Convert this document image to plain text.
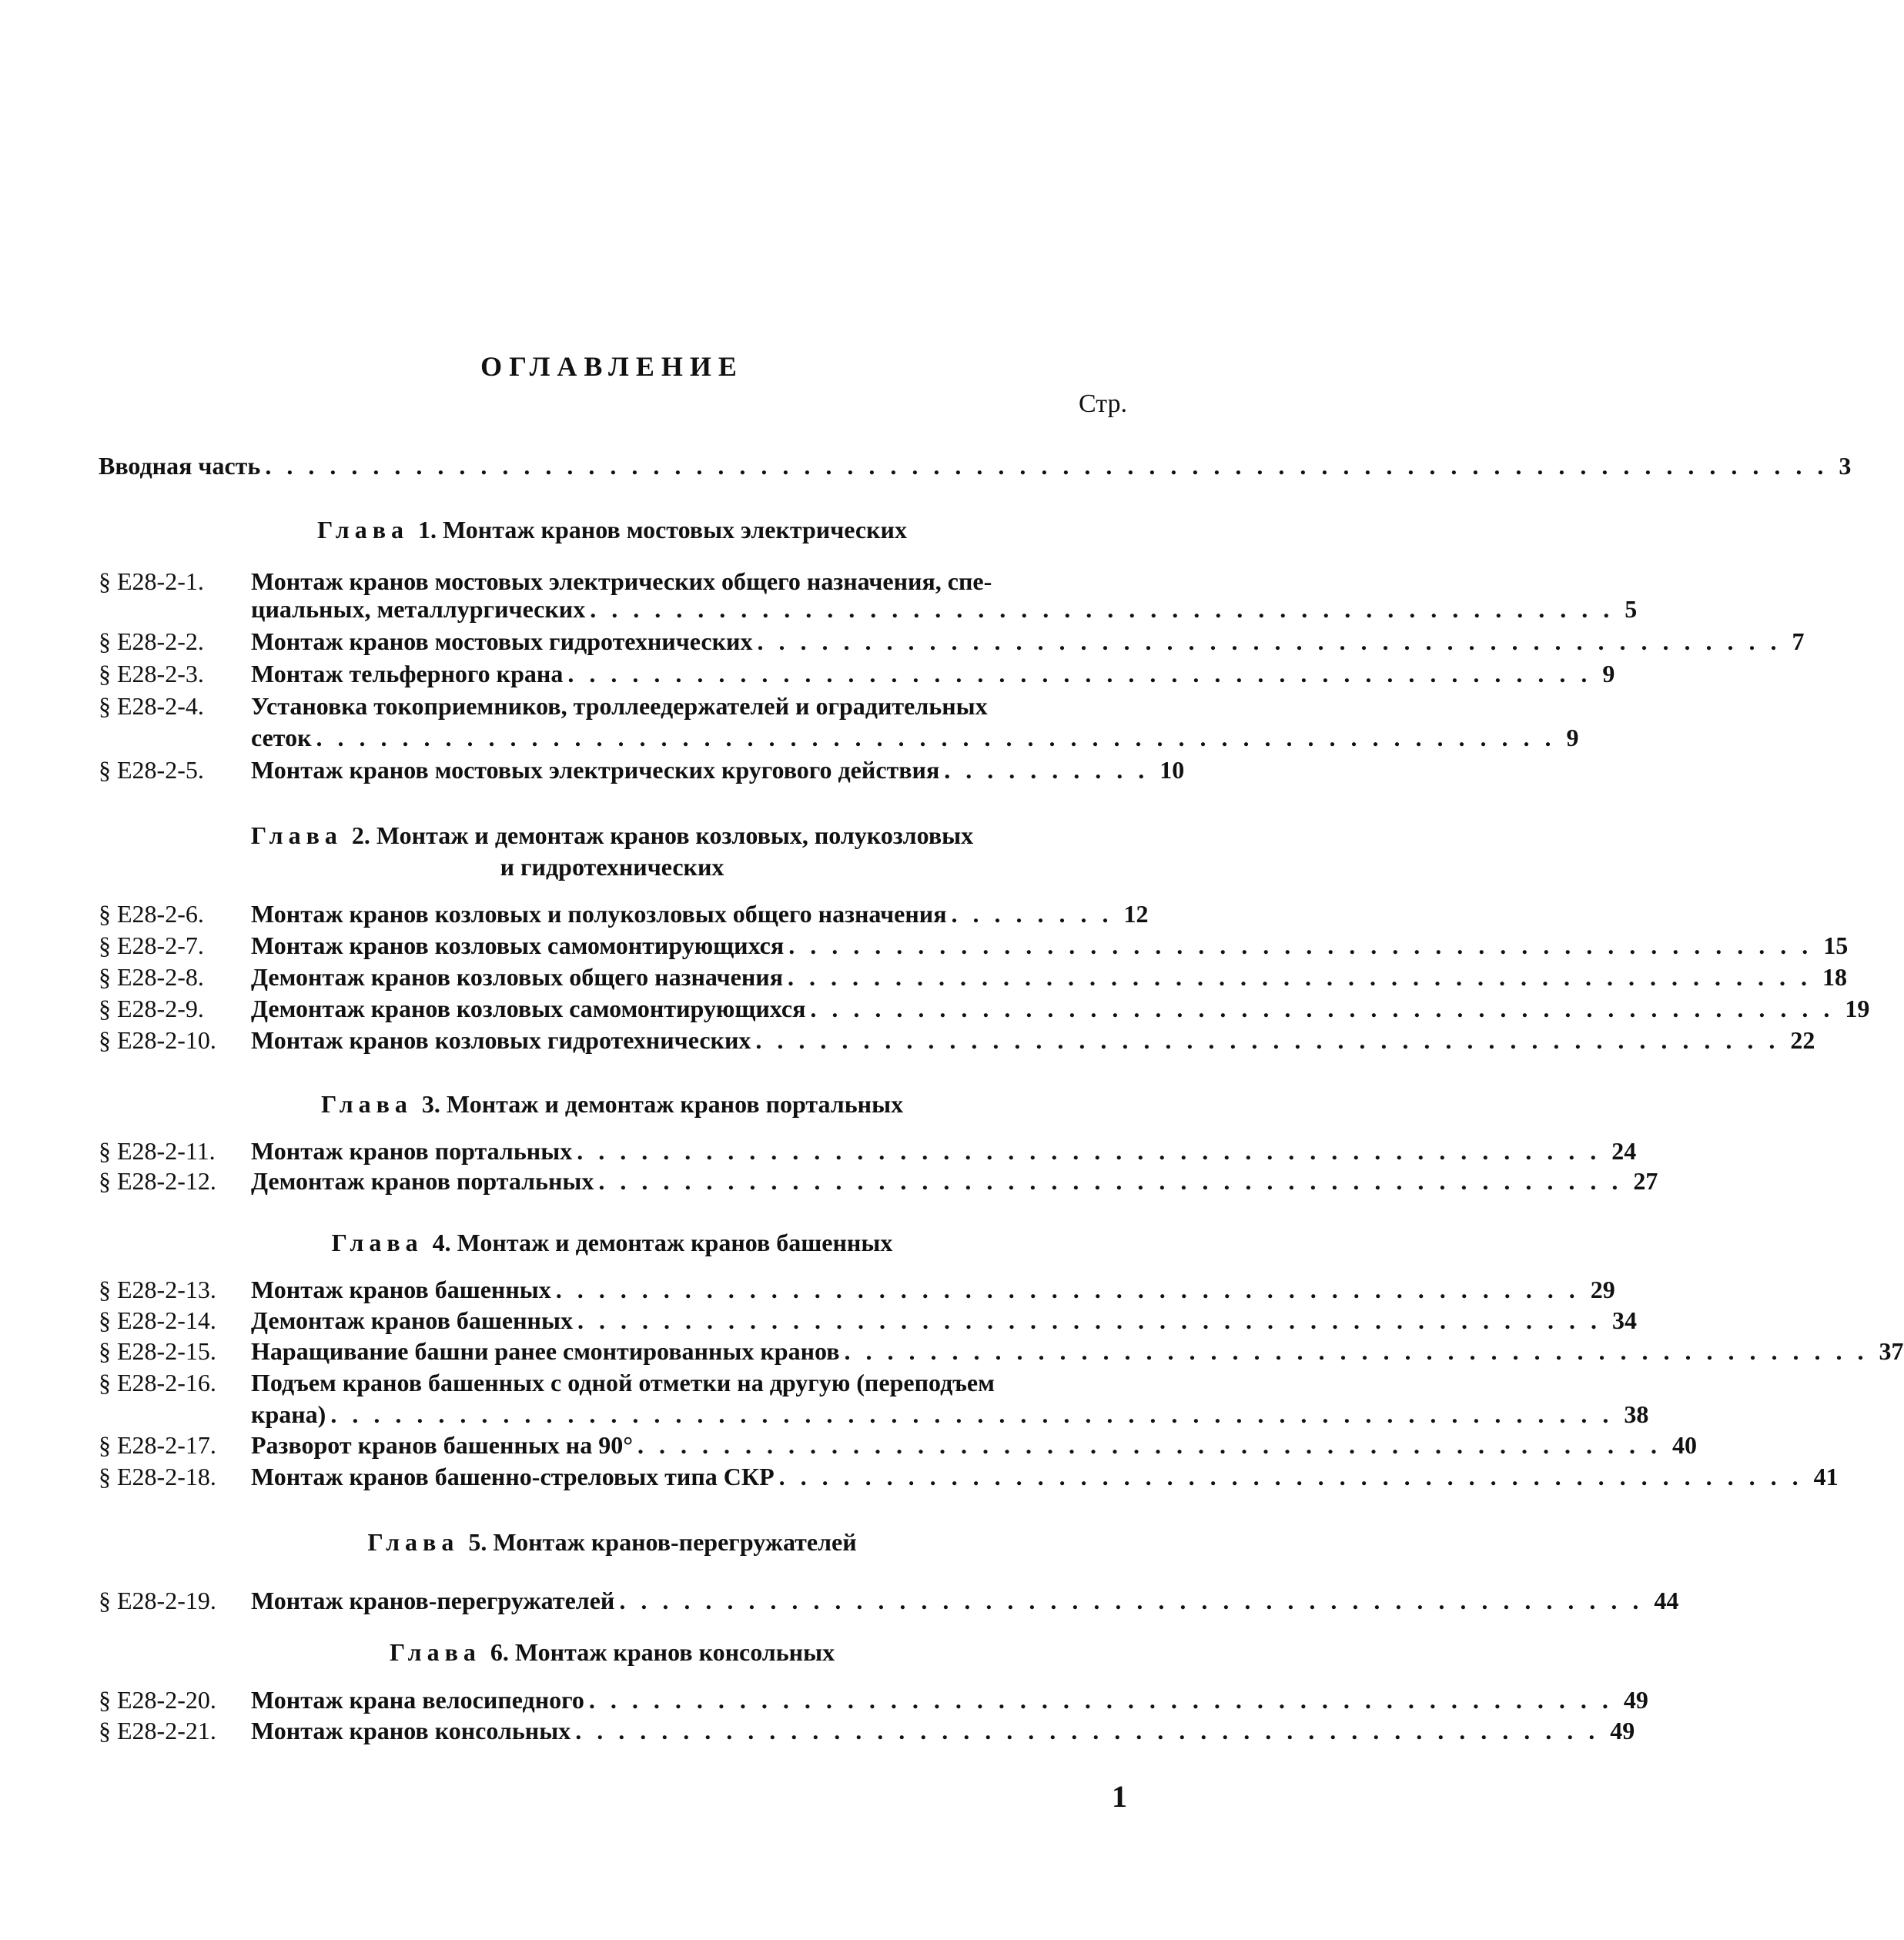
ОГЛАВЛЕНИЕ
Стр.
Вводная часть . . . . . . . . . . . . . . . . . . . . . . . . . . . . . . . . . . . . . . . . . . . . . . . . . . . . . . . . . . . . . . . . . . . . . . . . . 3
Глава 1. Монтаж кранов мостовых электрических
§ Е28-2-1.	Монтаж кранов мостовых электрических общего назначения, спе-
циальных, металлургических . . . . . . . . . . . . . . . . . . . . . . . . . . . . . . . . . . . . . . . . . . . . . . . . 5
§ Е28-2-2.	Монтаж кранов мостовых гидротехнических . . . . . . . . . . . . . . . . . . . . . . . . . . . . . . . . . . . . . . . . . . . . . . . . 7
§ Е28-2-3.	Монтаж тельферного крана . . . . . . . . . . . . . . . . . . . . . . . . . . . . . . . . . . . . . . . . . . . . . . . . 9
§ Е28-2-4.	Установка токоприемников, троллеедержателей и оградительных
сеток . . . . . . . . . . . . . . . . . . . . . . . . . . . . . . . . . . . . . . . . . . . . . . . . . . . . . . . . . . 9
§ Е28-2-5.	Монтаж кранов мостовых электрических кругового действия . . . . . . . . . . 10
Глава 2. Монтаж и демонтаж кранов козловых, полукозловых
и гидротехнических
§ Е28-2-6.	Монтаж кранов козловых и полукозловых общего назначения . . . . . . . . 12
§ Е28-2-7.	Монтаж кранов козловых самомонтирующихся . . . . . . . . . . . . . . . . . . . . . . . . . . . . . . . . . . . . . . . . . . . . . . . . 15
§ Е28-2-8.	Демонтаж кранов козловых общего назначения . . . . . . . . . . . . . . . . . . . . . . . . . . . . . . . . . . . . . . . . . . . . . . . . 18
§ Е28-2-9.	Демонтаж кранов козловых самомонтирующихся . . . . . . . . . . . . . . . . . . . . . . . . . . . . . . . . . . . . . . . . . . . . . . . . 19
§ Е28-2-10.	Монтаж кранов козловых гидротехнических . . . . . . . . . . . . . . . . . . . . . . . . . . . . . . . . . . . . . . . . . . . . . . . . 22
Глава 3. Монтаж и демонтаж кранов портальных
§ Е28-2-11.	Монтаж кранов портальных . . . . . . . . . . . . . . . . . . . . . . . . . . . . . . . . . . . . . . . . . . . . . . . . 24
§ Е28-2-12.	Демонтаж кранов портальных . . . . . . . . . . . . . . . . . . . . . . . . . . . . . . . . . . . . . . . . . . . . . . . . 27
Глава 4. Монтаж и демонтаж кранов башенных
§ Е28-2-13.	Монтаж кранов башенных . . . . . . . . . . . . . . . . . . . . . . . . . . . . . . . . . . . . . . . . . . . . . . . . 29
§ Е28-2-14.	Демонтаж кранов башенных . . . . . . . . . . . . . . . . . . . . . . . . . . . . . . . . . . . . . . . . . . . . . . . . 34
§ Е28-2-15.	Наращивание башни ранее смонтированных кранов . . . . . . . . . . . . . . . . . . . . . . . . . . . . . . . . . . . . . . . . . . . . . . . . 37
§ Е28-2-16.	Подъем кранов башенных с одной отметки на другую (переподъем
крана) . . . . . . . . . . . . . . . . . . . . . . . . . . . . . . . . . . . . . . . . . . . . . . . . . . . . . . . . . . . . 38
§ Е28-2-17.	Разворот кранов башенных на 90° . . . . . . . . . . . . . . . . . . . . . . . . . . . . . . . . . . . . . . . . . . . . . . . . 40
§ Е28-2-18.	Монтаж кранов башенно-стреловых типа СКР . . . . . . . . . . . . . . . . . . . . . . . . . . . . . . . . . . . . . . . . . . . . . . . . 41
Глава 5. Монтаж кранов-перегружателей
§ Е28-2-19.	Монтаж кранов-перегружателей . . . . . . . . . . . . . . . . . . . . . . . . . . . . . . . . . . . . . . . . . . . . . . . . 44
Глава 6. Монтаж кранов консольных
§ Е28-2-20.	Монтаж крана велосипедного . . . . . . . . . . . . . . . . . . . . . . . . . . . . . . . . . . . . . . . . . . . . . . . . 49
§ Е28-2-21.	Монтаж кранов консольных . . . . . . . . . . . . . . . . . . . . . . . . . . . . . . . . . . . . . . . . . . . . . . . . 49
1
